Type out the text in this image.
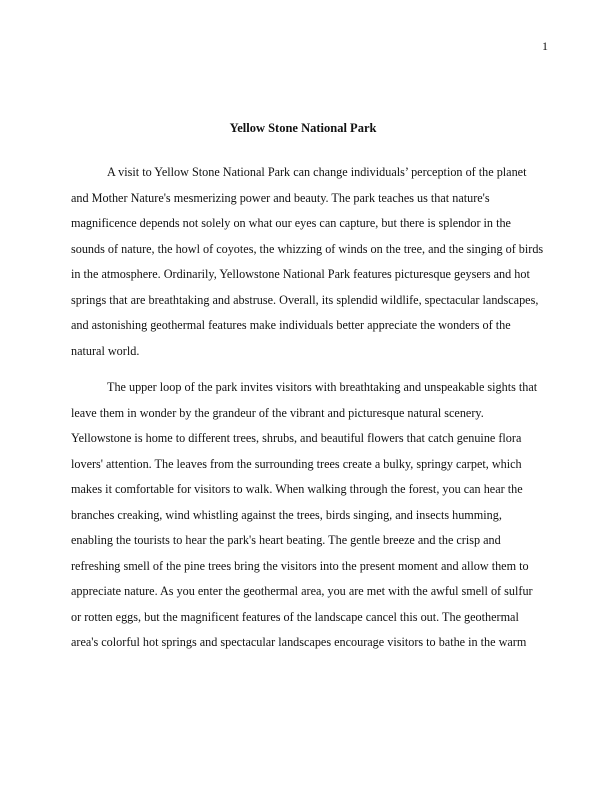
1
Yellow Stone National Park

A visit to Yellow Stone National Park can change individuals’ perception of the planet
and Mother Nature's mesmerizing power and beauty. The park teaches us that nature's
magnificence depends not solely on what our eyes can capture, but there is splendor in the
sounds of nature, the howl of coyotes, the whizzing of winds on the tree, and the singing of birds
in the atmosphere. Ordinarily, Yellowstone National Park features picturesque geysers and hot
springs that are breathtaking and abstruse. Overall, its splendid wildlife, spectacular landscapes,
and astonishing geothermal features make individuals better appreciate the wonders of the
natural world.

The upper loop of the park invites visitors with breathtaking and unspeakable sights that
leave them in wonder by the grandeur of the vibrant and picturesque natural scenery.
Yellowstone is home to different trees, shrubs, and beautiful flowers that catch genuine flora
lovers' attention. The leaves from the surrounding trees create a bulky, springy carpet, which
makes it comfortable for visitors to walk. When walking through the forest, you can hear the
branches creaking, wind whistling against the trees, birds singing, and insects humming,
enabling the tourists to hear the park's heart beating. The gentle breeze and the crisp and
refreshing smell of the pine trees bring the visitors into the present moment and allow them to
appreciate nature. As you enter the geothermal area, you are met with the awful smell of sulfur
or rotten eggs, but the magnificent features of the landscape cancel this out. The geothermal
area's colorful hot springs and spectacular landscapes encourage visitors to bathe in the warm
